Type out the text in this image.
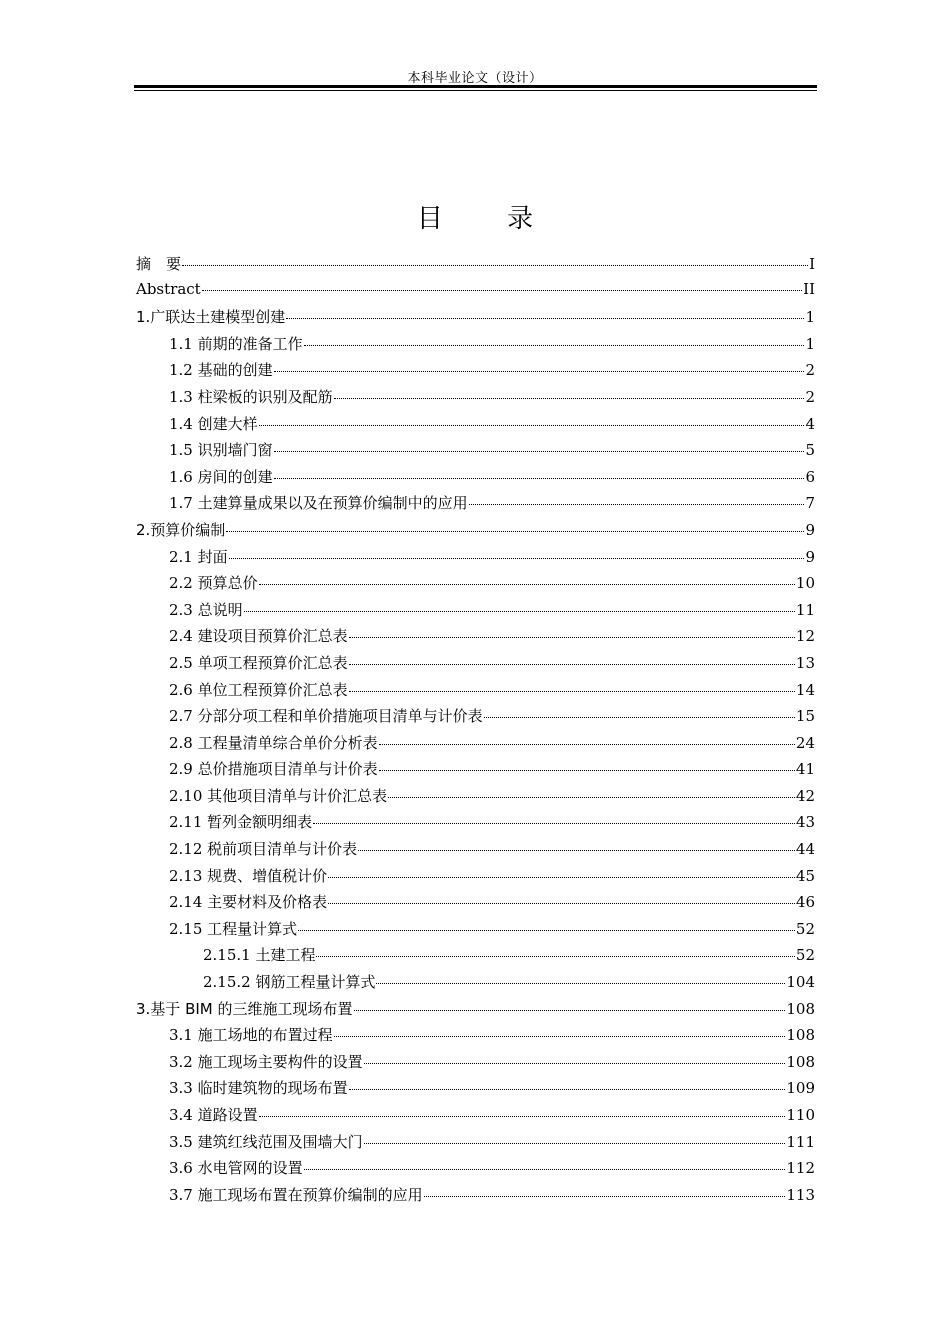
本科毕业论文（设计）
目 录
摘　要	I
Abstract	II
1.广联达土建模型创建	1
1.1 前期的准备工作	1
1.2 基础的创建	2
1.3 柱梁板的识别及配筋	2
1.4 创建大样	4
1.5 识别墙门窗	5
1.6 房间的创建	6
1.7 土建算量成果以及在预算价编制中的应用	7
2.预算价编制	9
2.1 封面	9
2.2 预算总价	10
2.3 总说明	11
2.4 建设项目预算价汇总表	12
2.5 单项工程预算价汇总表	13
2.6 单位工程预算价汇总表	14
2.7 分部分项工程和单价措施项目清单与计价表	15
2.8 工程量清单综合单价分析表	24
2.9 总价措施项目清单与计价表	41
2.10 其他项目清单与计价汇总表	42
2.11 暂列金额明细表	43
2.12 税前项目清单与计价表	44
2.13 规费、增值税计价	45
2.14 主要材料及价格表	46
2.15 工程量计算式	52
2.15.1 土建工程	52
2.15.2 钢筋工程量计算式	104
3.基于 BIM 的三维施工现场布置	108
3.1 施工场地的布置过程	108
3.2 施工现场主要构件的设置	108
3.3 临时建筑物的现场布置	109
3.4 道路设置	110
3.5 建筑红线范围及围墙大门	111
3.6 水电管网的设置	112
3.7 施工现场布置在预算价编制的应用	113
